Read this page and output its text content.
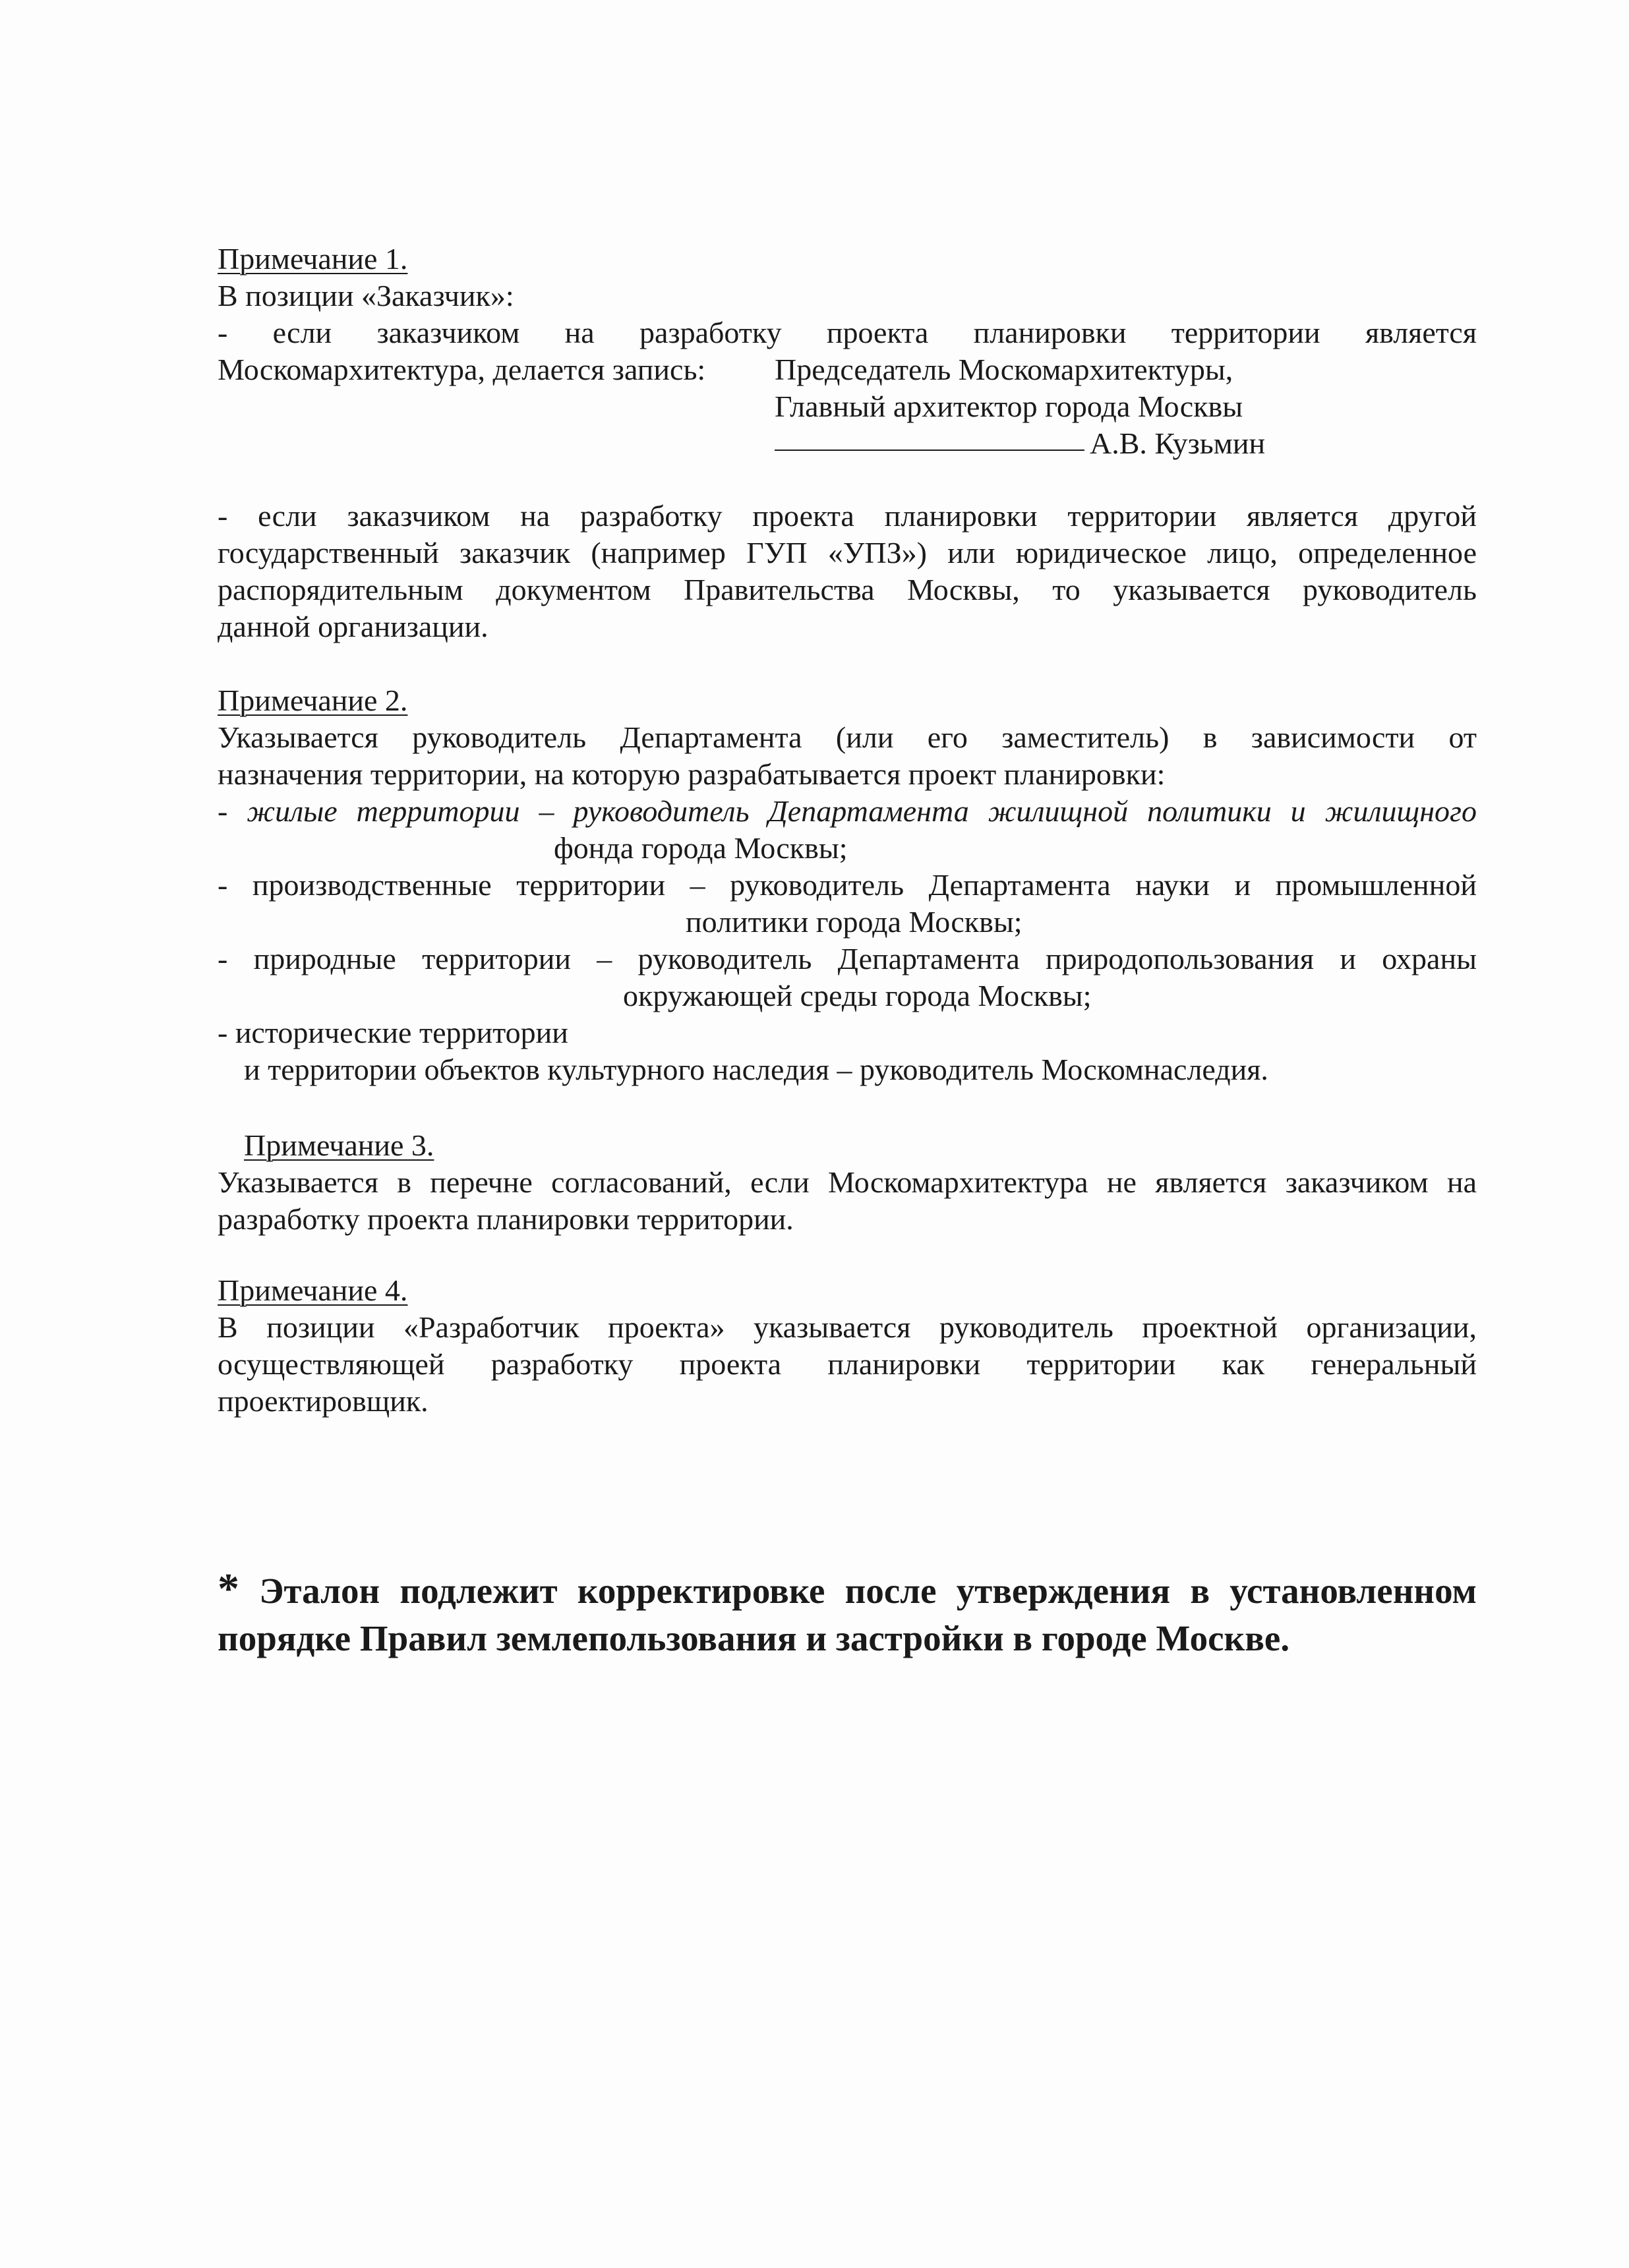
Примечание 1.
В позиции «Заказчик»:
- если заказчиком на разработку проекта планировки территории является
Москомархитектура, делается запись:	Председатель Москомархитектуры,
Главный архитектор города Москвы
А.В. Кузьмин
- если заказчиком на разработку проекта планировки территории является другой
государственный заказчик (например ГУП «УПЗ») или юридическое лицо, определенное
распорядительным документом Правительства Москвы, то указывается руководитель
данной организации.
Примечание 2.
Указывается руководитель Департамента (или его заместитель) в зависимости от
назначения территории, на которую разрабатывается проект планировки:
- жилые территории – руководитель Департамента жилищной политики и жилищного
фонда города Москвы;
- производственные территории – руководитель Департамента науки и промышленной
политики города Москвы;
- природные территории – руководитель Департамента природопользования и охраны
окружающей среды города Москвы;
- исторические территории
и территории объектов культурного наследия – руководитель Москомнаследия.
Примечание 3.
Указывается в перечне согласований, если Москомархитектура не является заказчиком на
разработку проекта планировки территории.
Примечание 4.
В позиции «Разработчик проекта» указывается руководитель проектной организации,
осуществляющей разработку проекта планировки территории как генеральный
проектировщик.
* Эталон подлежит корректировке после утверждения в установленном
порядке Правил землепользования и застройки в городе Москве.
